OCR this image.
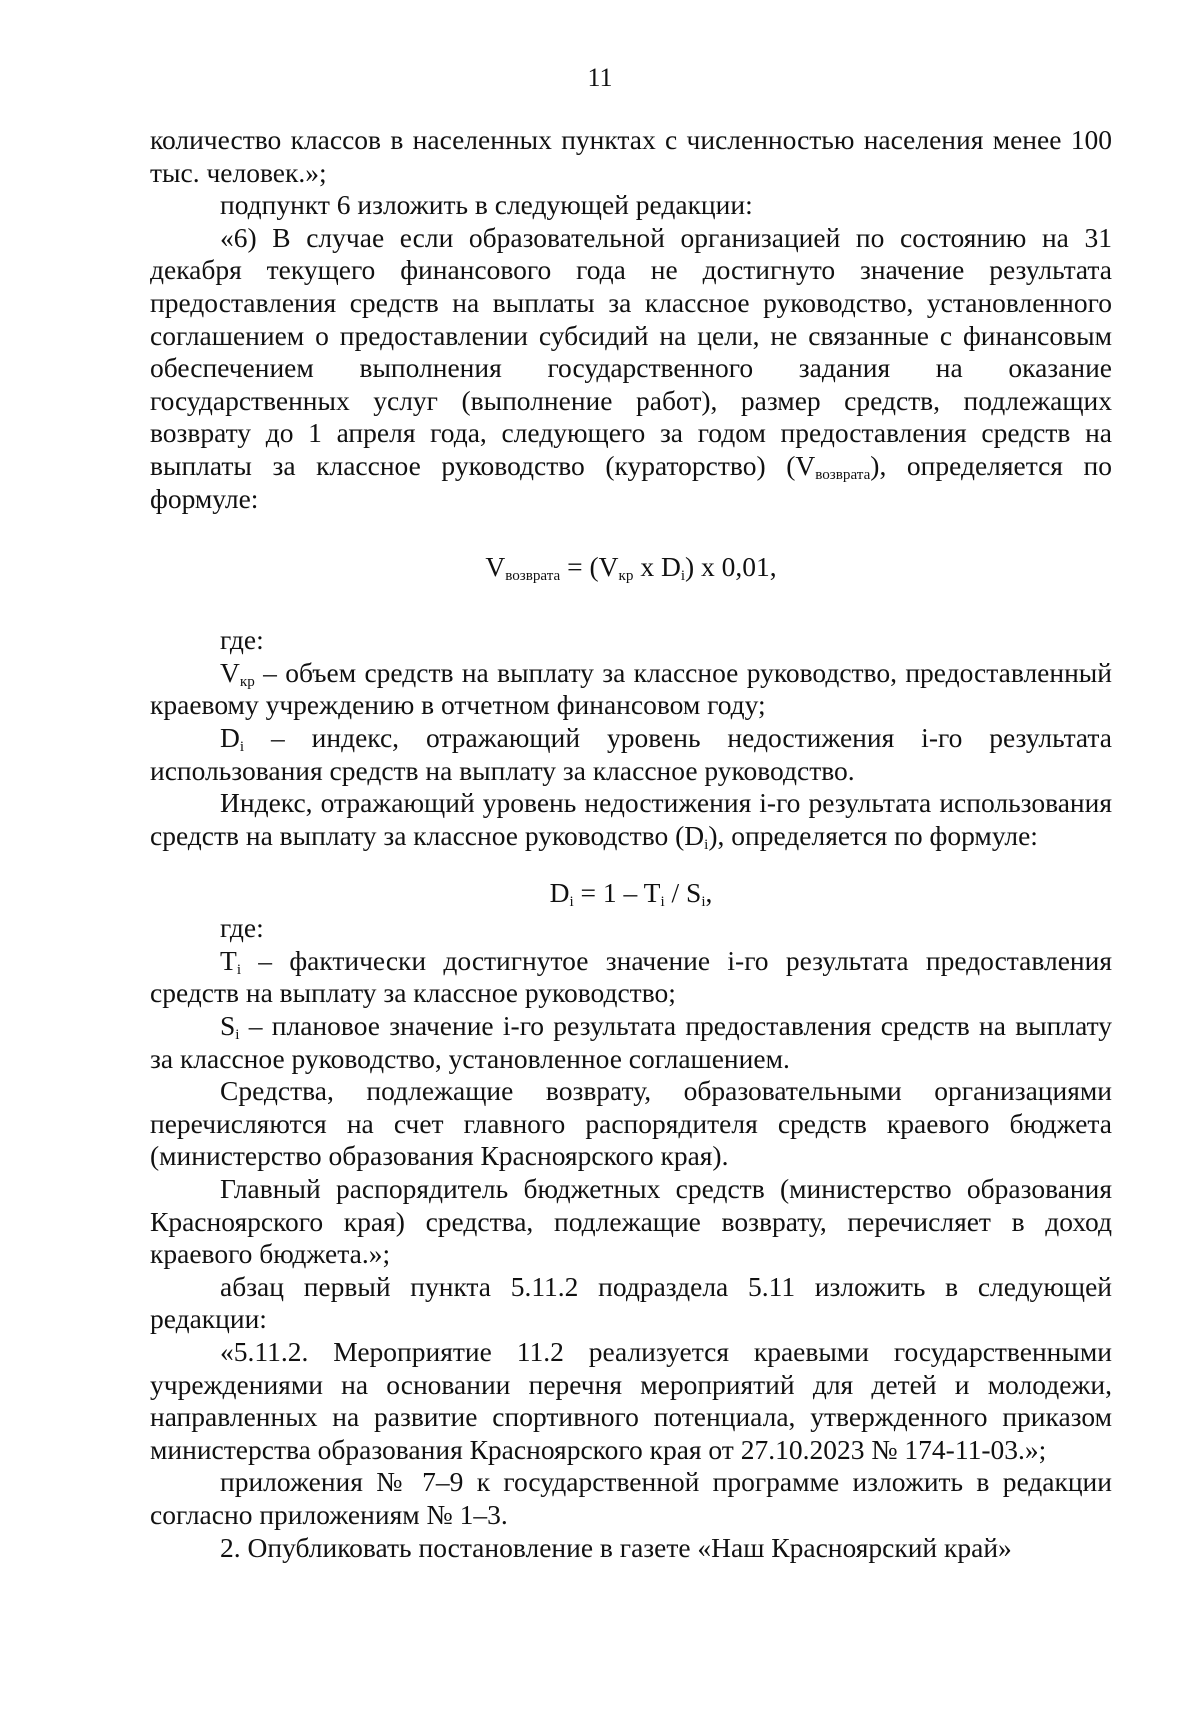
11

количество классов в населенных пунктах с численностью населения менее 100 тыс. человек.»;

подпункт 6 изложить в следующей редакции:

«6) В случае если образовательной организацией по состоянию на 31 декабря текущего финансового года не достигнуто значение результата предоставления средств на выплаты за классное руководство, установленного соглашением о предоставлении субсидий на цели, не связанные с финансовым обеспечением выполнения государственного задания на оказание государственных услуг (выполнение работ), размер средств, подлежащих возврату до 1 апреля года, следующего за годом предоставления средств на выплаты за классное руководство (кураторство) $(V_{возврата})$, определяется по формуле:

$V_{возврата} = (V_{кр}$ x $D_i$) x 0,01,

где:

$V_{кр}$ – объем средств на выплату за классное руководство, предоставленный краевому учреждению в отчетном финансовом году;

$D_i$ – индекс, отражающий уровень недостижения i-го результата использования средств на выплату за классное руководство.

Индекс, отражающий уровень недостижения i-го результата использования средств на выплату за классное руководство $(D_i)$, определяется по формуле:

$D_i = 1 - T_i / S_i$,

где:

$T_i$ – фактически достигнутое значение i-го результата предоставления средств на выплату за классное руководство;

$S_i$ – плановое значение i-го результата предоставления средств на выплату за классное руководство, установленное соглашением.

Средства, подлежащие возврату, образовательными организациями перечисляются на счет главного распорядителя средств краевого бюджета (министерство образования Красноярского края).

Главный распорядитель бюджетных средств (министерство образования Красноярского края) средства, подлежащие возврату, перечисляет в доход краевого бюджета.»;

абзац первый пункта 5.11.2 подраздела 5.11 изложить в следующей редакции:

«5.11.2. Мероприятие 11.2 реализуется краевыми государственными учреждениями на основании перечня мероприятий для детей и молодежи, направленных на развитие спортивного потенциала, утвержденного приказом министерства образования Красноярского края от 27.10.2023 № 174-11-03.»;

приложения № 7–9 к государственной программе изложить в редакции согласно приложениям № 1–3.

2. Опубликовать постановление в газете «Наш Красноярский край»
